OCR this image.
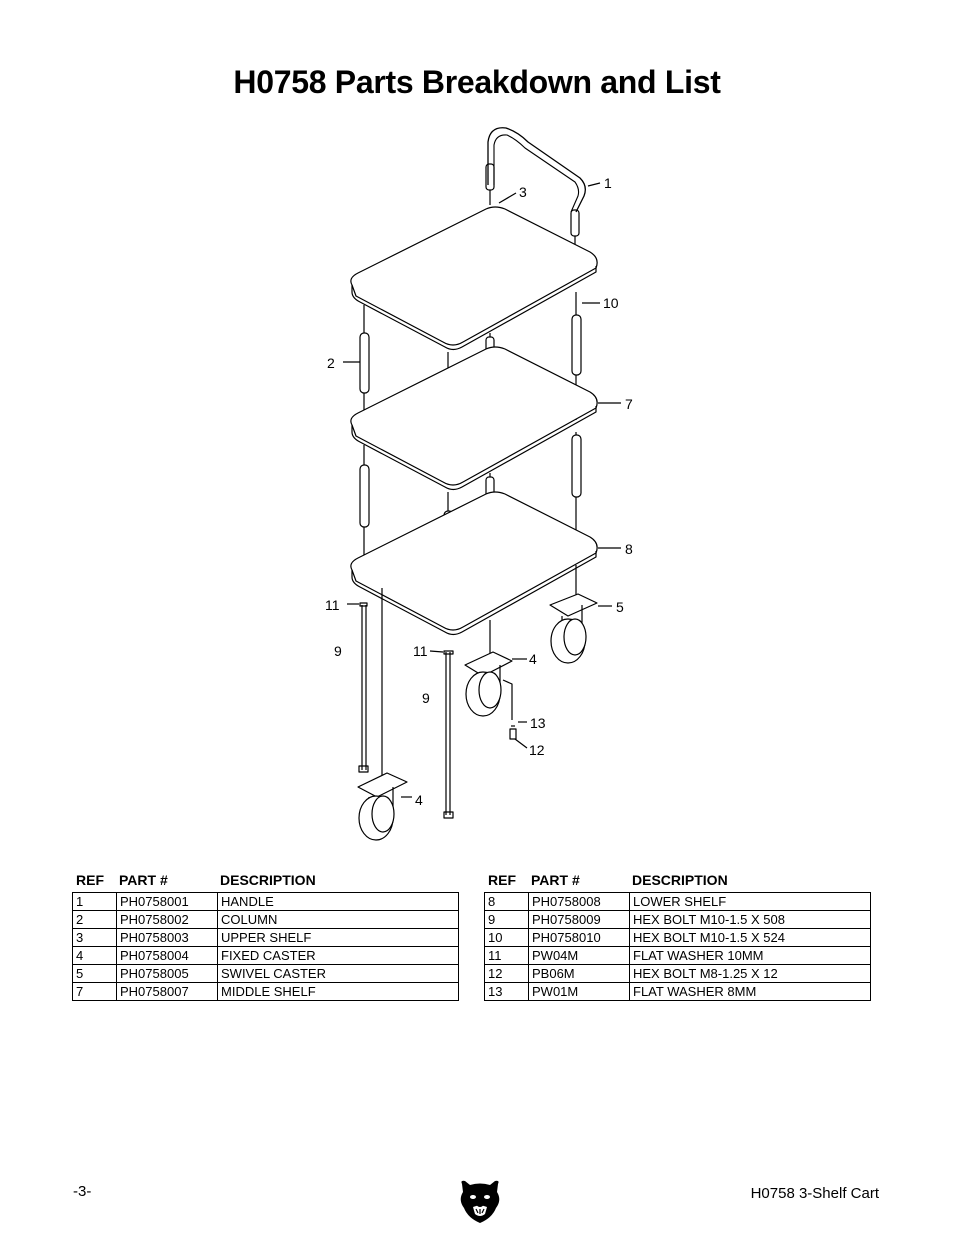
H0758 Parts Breakdown and List
1
3
10
2
7
8
11	5
9	11	4
9
13
12
4
REF	PART #	DESCRIPTION
1	PH0758001	HANDLE
2	PH0758002	COLUMN
3	PH0758003	UPPER SHELF
4	PH0758004	FIXED CASTER
5	PH0758005	SWIVEL CASTER
7	PH0758007	MIDDLE SHELF
REF	PART #	DESCRIPTION
8	PH0758008	LOWER SHELF
9	PH0758009	HEX BOLT M10-1.5 X 508
10	PH0758010	HEX BOLT M10-1.5 X 524
11	PW04M	FLAT WASHER 10MM
12	PB06M	HEX BOLT M8-1.25 X 12
13	PW01M	FLAT WASHER 8MM
-3-	H0758 3-Shelf Cart
